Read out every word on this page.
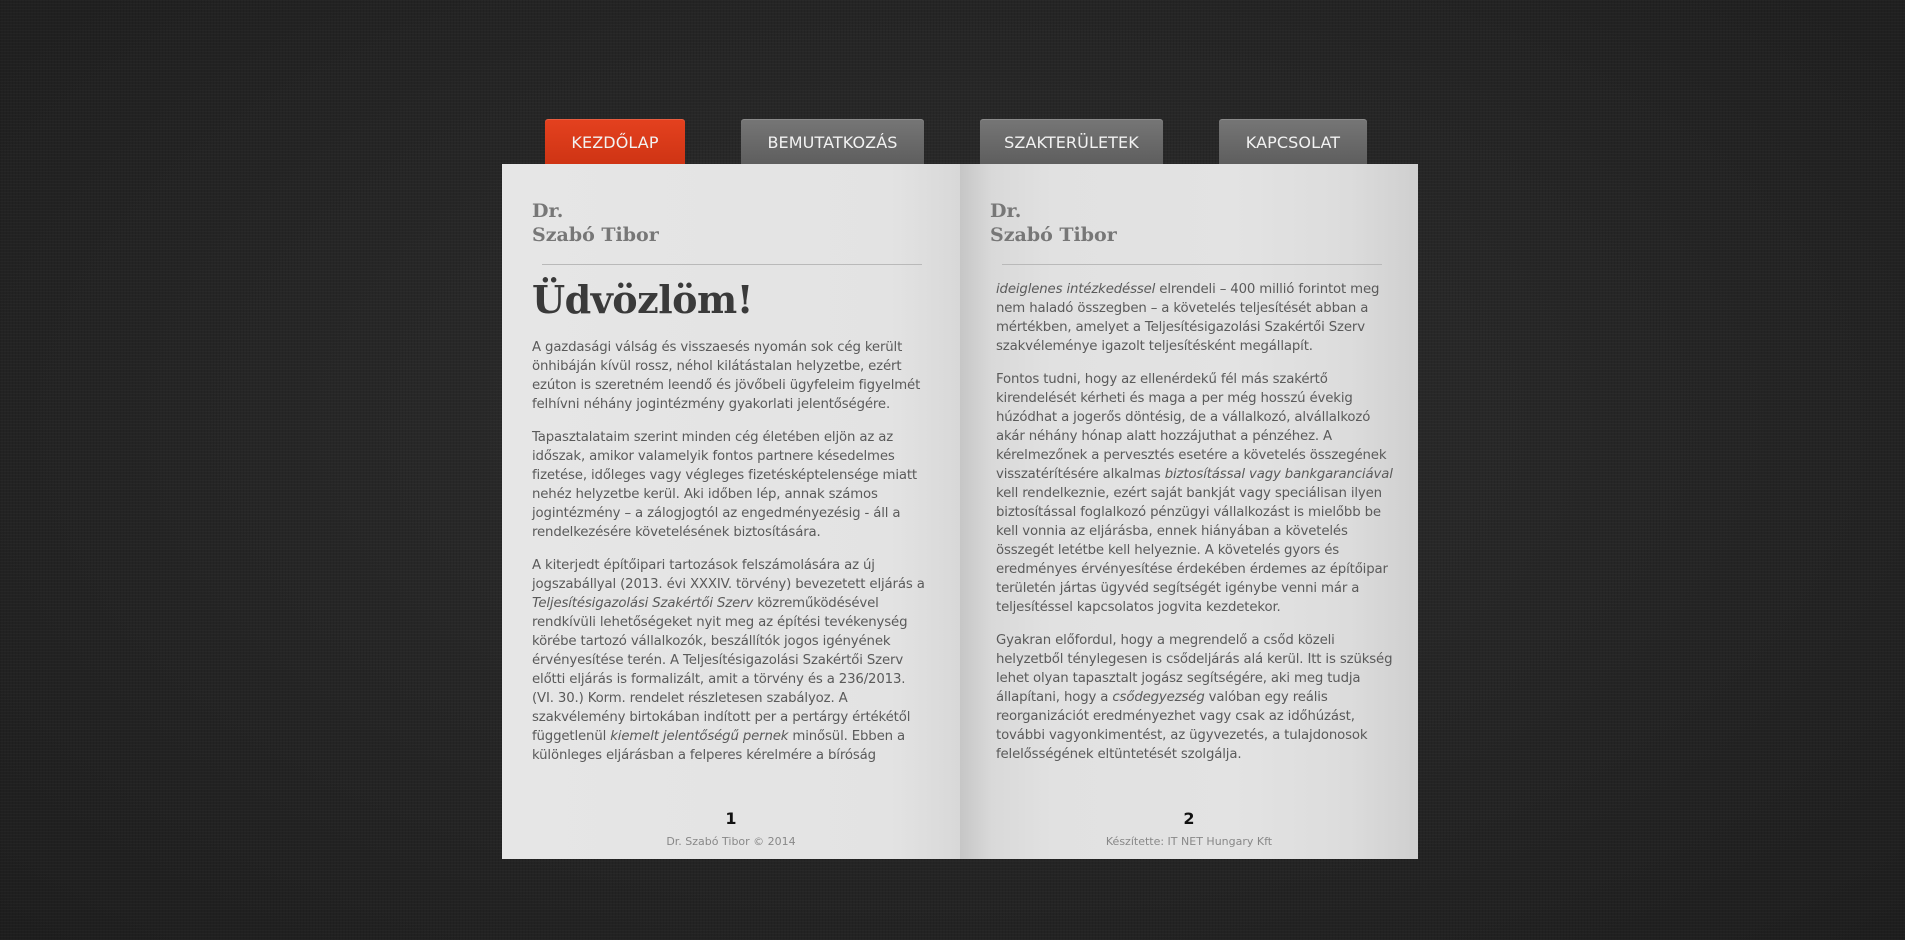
KEZDŐLAP	BEMUTATKOZÁS	SZAKTERÜLETEK	KAPCSOLAT
Dr.
Szabó Tibor
Üdvözlöm!

A gazdasági válság és visszaesés nyomán sok cég került önhibáján kívül rossz, néhol kilátástalan helyzetbe, ezért ezúton is szeretném leendő és jövőbeli ügyfeleim figyelmét felhívni néhány jogintézmény gyakorlati jelentőségére.

Tapasztalataim szerint minden cég életében eljön az az időszak, amikor valamelyik fontos partnere késedelmes fizetése, időleges vagy végleges fizetésképtelensége miatt nehéz helyzetbe kerül. Aki időben lép, annak számos jogintézmény – a zálogjogtól az engedményezésig - áll a rendelkezésére követelésének biztosítására.

A kiterjedt építőipari tartozások felszámolására az új jogszabállyal (2013. évi XXXIV. törvény) bevezetett eljárás a Teljesítésigazolási Szakértői Szerv közreműködésével rendkívüli lehetőségeket nyit meg az építési tevékenység körébe tartozó vállalkozók, beszállítók jogos igényének érvényesítése terén. A Teljesítésigazolási Szakértői Szerv előtti eljárás is formalizált, amit a törvény és a 236/2013. (VI. 30.) Korm. rendelet részletesen szabályoz. A szakvélemény birtokában indított per a pertárgy értékétől függetlenül kiemelt jelentőségű pernek minősül. Ebben a különleges eljárásban a felperes kérelmére a bíróság

1
Dr. Szabó Tibor © 2014
Dr.
Szabó Tibor

ideiglenes intézkedéssel elrendeli – 400 millió forintot meg nem haladó összegben – a követelés teljesítését abban a mértékben, amelyet a Teljesítésigazolási Szakértői Szerv szakvéleménye igazolt teljesítésként megállapít.

Fontos tudni, hogy az ellenérdekű fél más szakértő kirendelését kérheti és maga a per még hosszú évekig húzódhat a jogerős döntésig, de a vállalkozó, alvállalkozó akár néhány hónap alatt hozzájuthat a pénzéhez. A kérelmezőnek a pervesztés esetére a követelés összegének visszatérítésére alkalmas biztosítással vagy bankgaranciával kell rendelkeznie, ezért saját bankját vagy speciálisan ilyen biztosítással foglalkozó pénzügyi vállalkozást is mielőbb be kell vonnia az eljárásba, ennek hiányában a követelés összegét letétbe kell helyeznie. A követelés gyors és eredményes érvényesítése érdekében érdemes az építőipar területén jártas ügyvéd segítségét igénybe venni már a teljesítéssel kapcsolatos jogvita kezdetekor.

Gyakran előfordul, hogy a megrendelő a csőd közeli helyzetből ténylegesen is csődeljárás alá kerül. Itt is szükség lehet olyan tapasztalt jogász segítségére, aki meg tudja állapítani, hogy a csődegyezség valóban egy reális reorganizációt eredményezhet vagy csak az időhúzást, további vagyonkimentést, az ügyvezetés, a tulajdonosok felelősségének eltüntetését szolgálja.

2
Készítette: IT NET Hungary Kft
